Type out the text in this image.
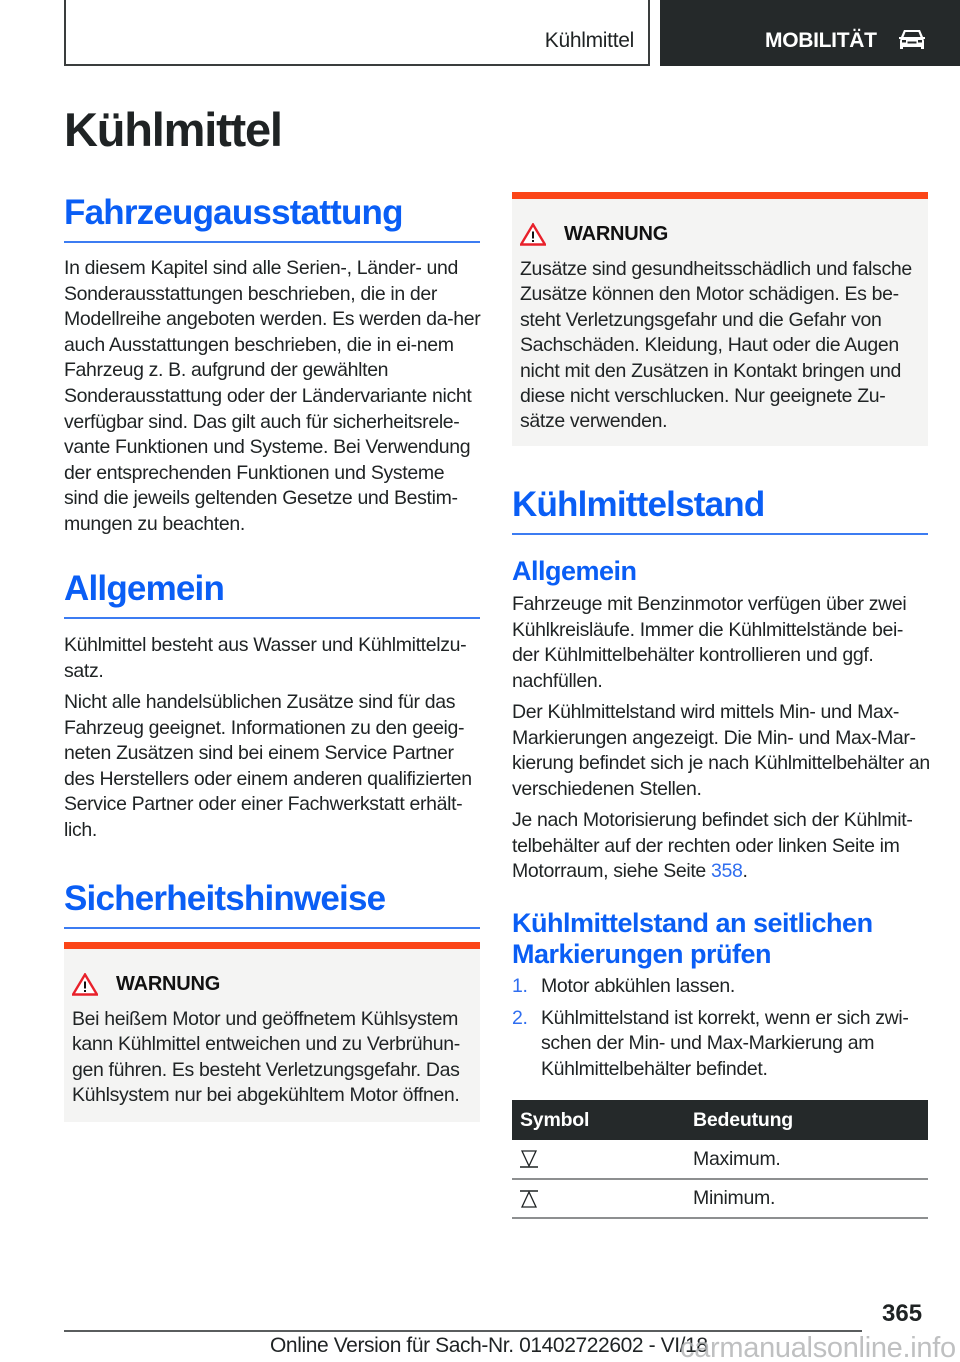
Kühlmittel	MOBILITÄT
Kühlmittel
Fahrzeugausstattung

In diesem Kapitel sind alle Serien-, Länder- und Sonderausstattungen beschrieben, die in der Modellreihe angeboten werden. Es werden da-her auch Ausstattungen beschrieben, die in ei-nem Fahrzeug z. B. aufgrund der gewählten Sonderausstattung oder der Ländervariante nicht verfügbar sind. Das gilt auch für sicherheitsrele-vante Funktionen und Systeme. Bei Verwendung der entsprechenden Funktionen und Systeme sind die jeweils geltenden Gesetze und Bestim-mungen zu beachten.

Allgemein

Kühlmittel besteht aus Wasser und Kühlmittelzu-satz.

Nicht alle handelsüblichen Zusätze sind für das Fahrzeug geeignet. Informationen zu den geeig-neten Zusätzen sind bei einem Service Partner des Herstellers oder einem anderen qualifizierten Service Partner oder einer Fachwerkstatt erhält-lich.

Sicherheitshinweise
WARNUNG

Bei heißem Motor und geöffnetem Kühlsystem kann Kühlmittel entweichen und zu Verbrühun-gen führen. Es besteht Verletzungsgefahr. Das Kühlsystem nur bei abgekühltem Motor öffnen.

WARNUNG

Zusätze sind gesundheitsschädlich und falsche Zusätze können den Motor schädigen. Es be-steht Verletzungsgefahr und die Gefahr von Sachschäden. Kleidung, Haut oder die Augen nicht mit den Zusätzen in Kontakt bringen und diese nicht verschlucken. Nur geeignete Zu-sätze verwenden.

Kühlmittelstand
Allgemein

Fahrzeuge mit Benzinmotor verfügen über zwei Kühlkreisläufe. Immer die Kühlmittelstände bei-der Kühlmittelbehälter kontrollieren und ggf. nachfüllen.

Der Kühlmittelstand wird mittels Min- und Max-Markierungen angezeigt. Die Min- und Max-Mar-kierung befindet sich je nach Kühlmittelbehälter an verschiedenen Stellen.

Je nach Motorisierung befindet sich der Kühlmit-telbehälter auf der rechten oder linken Seite im Motorraum, siehe Seite 358.

Kühlmittelstand an seitlichen Markierungen prüfen
1. Motor abkühlen lassen.
2. Kühlmittelstand ist korrekt, wenn er sich zwi-schen der Min- und Max-Markierung am Kühlmittelbehälter befindet.
Symbol	Bedeutung

	Maximum.

	Minimum.
365
Online Version für Sach-Nr. 01402722602 - VI/18
carmanualsonline.info
